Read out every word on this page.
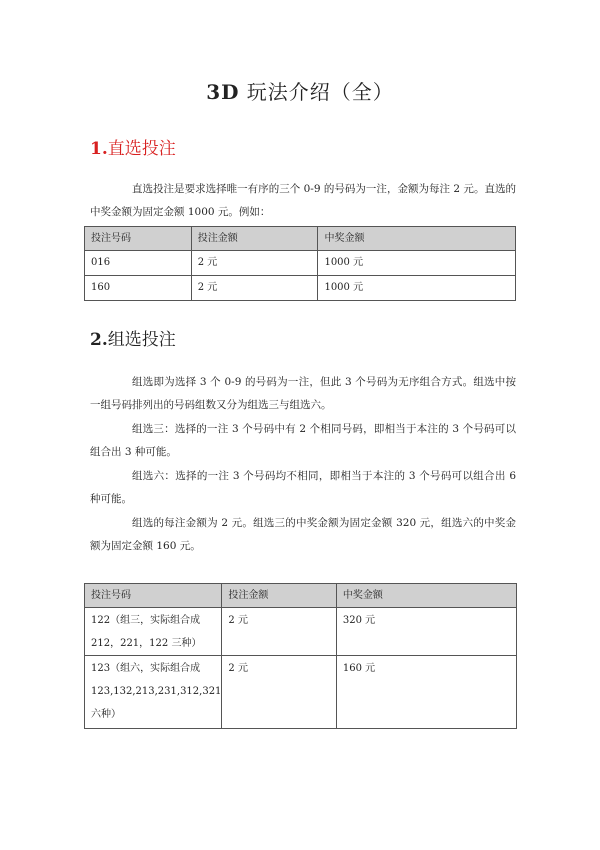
3D 玩法介绍（全）
1.直选投注

直选投注是要求选择唯一有序的三个 0-9 的号码为一注，金额为每注 2 元。直选的中奖金额为固定金额 1000 元。例如：

投注号码	投注金额	中奖金额
016	2 元	1000 元
160	2 元	1000 元
2.组选投注

组选即为选择 3 个 0-9 的号码为一注，但此 3 个号码为无序组合方式。组选中按一组号码排列出的号码组数又分为组选三与组选六。

组选三：选择的一注 3 个号码中有 2 个相同号码，即相当于本注的 3 个号码可以组合出 3 种可能。

组选六：选择的一注 3 个号码均不相同，即相当于本注的 3 个号码可以组合出 6 种可能。

组选的每注金额为 2 元。组选三的中奖金额为固定金额 320 元，组选六的中奖金额为固定金额 160 元。

投注号码	投注金额	中奖金额
122（组三，实际组合成 212，221，122 三种）	2 元	320 元
123（组六，实际组合成 123,132,213,231,312,321 六种）	2 元	160 元
